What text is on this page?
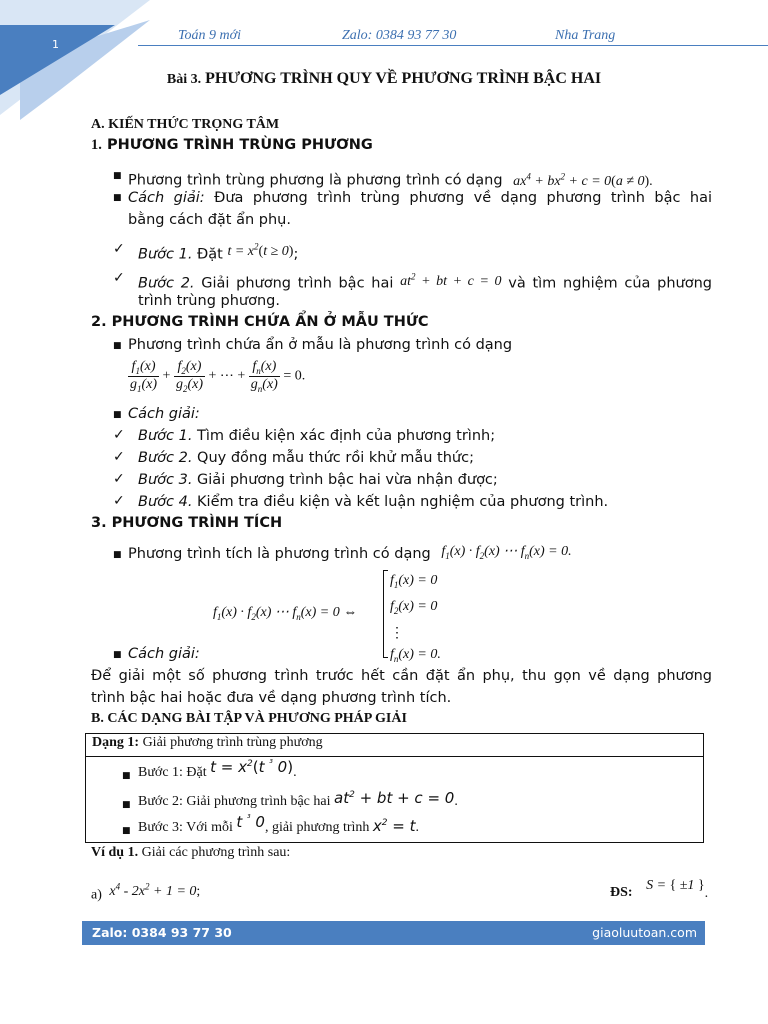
1
Toán 9 mới	Zalo: 0384 93 77 30	Nha Trang
Bài 3. PHƯƠNG TRÌNH QUY VỀ PHƯƠNG TRÌNH BẬC HAI
A. KIẾN THỨC TRỌNG TÂM
1. PHƯƠNG TRÌNH TRÙNG PHƯƠNG
■ Phương trình trùng phương là phương trình có dạng $ax^4 + bx^2 + c = 0(a \ne 0)$.
■ Cách giải: Đưa phương trình trùng phương về dạng phương trình bậc hai
bằng cách đặt ẩn phụ.
✓ Bước 1. Đặt $t = x^2(t \ge 0)$;
✓ Bước 2. Giải phương trình bậc hai $at^2$ + bt + c = 0 và tìm nghiệm của phương
trình trùng phương.
2. PHƯƠNG TRÌNH CHỨA ẨN Ở MẪU THỨC
■ Phương trình chứa ẩn ở mẫu là phương trình có dạng
$\frac{f_1(x)}{g_1(x)} + \frac{f_2(x)}{g_2(x)}$ + ⋯ + $\frac{f_n(x)}{g_n(x)} = 0$.
■ Cách giải:
✓ Bước 1. Tìm điều kiện xác định của phương trình;
✓ Bước 2. Quy đồng mẫu thức rồi khử mẫu thức;
✓ Bước 3. Giải phương trình bậc hai vừa nhận được;
✓ Bước 4. Kiểm tra điều kiện và kết luận nghiệm của phương trình.
3. PHƯƠNG TRÌNH TÍCH
■ Phương trình tích là phương trình có dạng $f_1(x) \cdot f_2(x)$ ⋯ $f_n(x) = 0$.
$f_1(x) \cdot f_2(x)$ ⋯ $f_n(x) = 0$ ⇔
$f_1(x) = 0$
$f_2(x) = 0$
⋮
$f_n(x) = 0$.
■ Cách giải:
Để giải một số phương trình trước hết cần đặt ẩn phụ, thu gọn về dạng phương
trình bậc hai hoặc đưa về dạng phương trình tích.
B. CÁC DẠNG BÀI TẬP VÀ PHƯƠNG PHÁP GIẢI
Dạng 1: Giải phương trình trùng phương
■ Bước 1: Đặt $t = x^2(t$ $^{^3}$ 0).
■ Bước 2: Giải phương trình bậc hai $at^2$ + bt + c = 0.
■ Bước 3: Với mỗi t $^{^3}$ 0, giải phương trình $x^2 = t$.
Ví dụ 1. Giải các phương trình sau:
a) $x^4 - 2x^2 + 1 = 0$;	ĐS: S = { ±1 }.
Zalo: 0384 93 77 30	giaoluutoan.com
